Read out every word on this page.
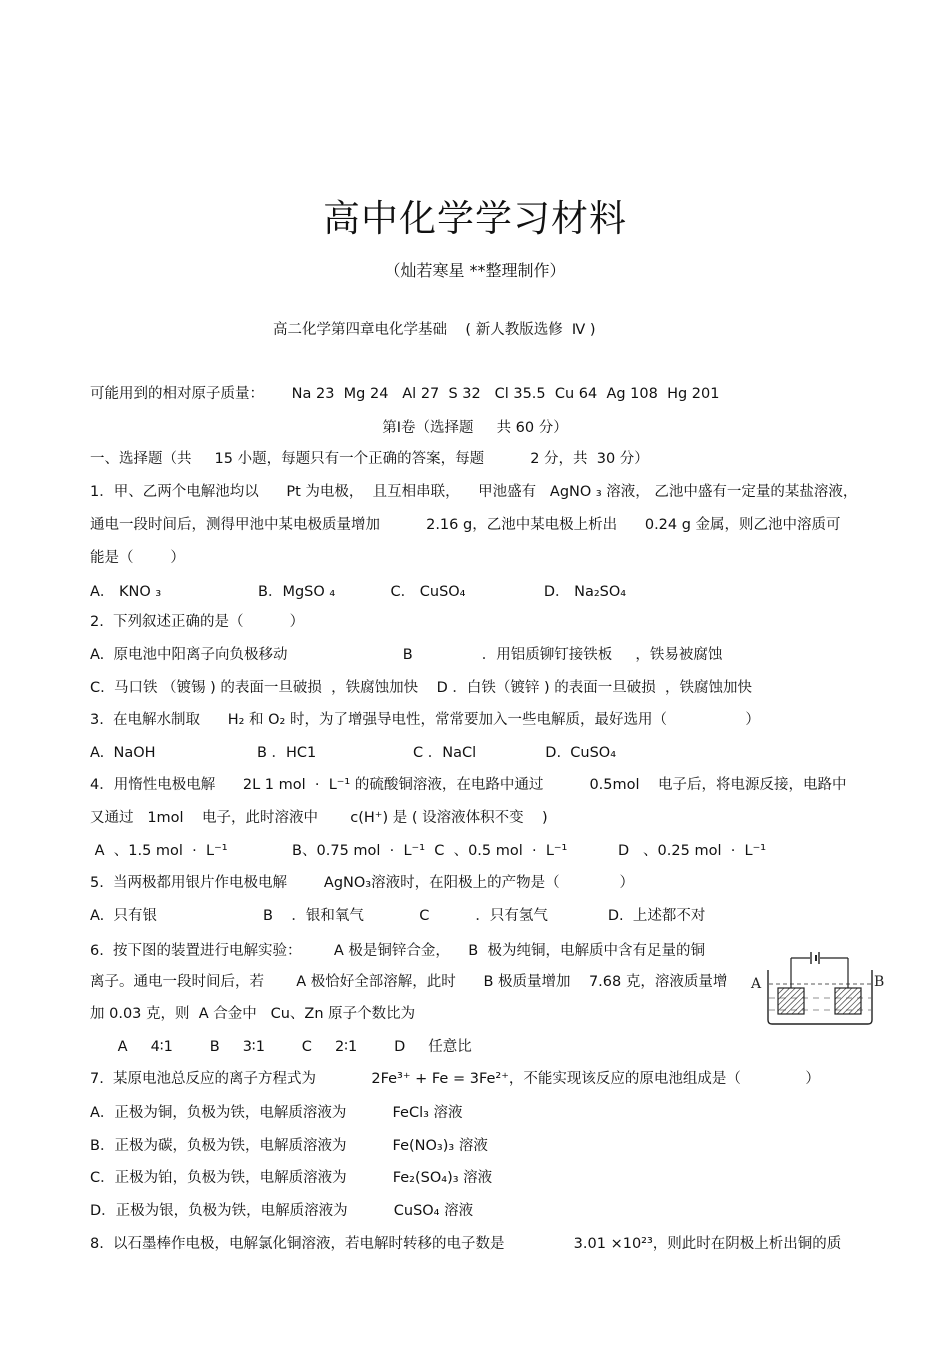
高中化学学习材料
（灿若寒星 **整理制作）
高二化学第四章电化学基础    ( 新人教版选修  Ⅳ )
可能用到的相对原子质量：      Na 23  Mg 24   Al 27  S 32   Cl 35.5  Cu 64  Ag 108  Hg 201
第Ⅰ卷（选择题     共 60 分）
一、选择题（共     15 小题，每题只有一个正确的答案，每题          2 分，共  30 分）
1．甲、乙两个电解池均以      Pt 为电极，  且互相串联，    甲池盛有   AgNO ₃ 溶液， 乙池中盛有一定量的某盐溶液，
通电一段时间后，测得甲池中某电极质量增加          2.16 g，乙池中某电极上析出      0.24 g 金属，则乙池中溶质可
能是（        ）
A． KNO ₃                     B．MgSO ₄            C． CuSO₄                 D． Na₂SO₄
2.  下列叙述正确的是（          ）
A.  原电池中阳离子向负极移动                         B               ．用铝质铆钉接铁板     ，铁易被腐蚀
C.  马口铁 （镀锡 ) 的表面一旦破损  ，铁腐蚀加快    D ．白铁（镀锌 ) 的表面一旦破损  ，铁腐蚀加快
3.  在电解水制取      H₂ 和 O₂ 时，为了增强导电性，常常要加入一些电解质，最好选用（                 ）
A.  NaOH                      B ．HC1                     C ．NaCl               D.  CuSO₄
4．用惰性电极电解      2L 1 mol  ·  L⁻¹ 的硫酸铜溶液，在电路中通过          0.5mol    电子后，将电源反接，电路中
又通过   1mol    电子，此时溶液中       c(H⁺) 是 ( 设溶液体积不变    )
A  、1.5 mol  ·  L⁻¹              B、0.75 mol  ·  L⁻¹  C  、0.5 mol  ·  L⁻¹           D   、0.25 mol  ·  L⁻¹
5.  当两极都用银片作电极电解        AgNO₃溶液时，在阳极上的产物是（             ）
A.  只有银                       B    ．银和氧气            C          ．只有氢气             D.  上述都不对
6.  按下图的装置进行电解实验：       A 极是铜锌合金，    B  极为纯铜，电解质中含有足量的铜
离子。通电一段时间后，若       A 极恰好全部溶解，此时      B 极质量增加    7.68 克，溶液质量增
加 0.03 克，则  A 合金中   Cu、Zn 原子个数比为
A     4∶1        B     3∶1        C     2∶1        D     任意比
7.  某原电池总反应的离子方程式为            2Fe³⁺ + Fe = 3Fe²⁺，不能实现该反应的原电池组成是（              ）
A．正极为铜，负极为铁，电解质溶液为          FeCl₃ 溶液
B．正极为碳，负极为铁，电解质溶液为          Fe(NO₃)₃ 溶液
C．正极为铂，负极为铁，电解质溶液为          Fe₂(SO₄)₃ 溶液
D．正极为银，负极为铁，电解质溶液为          CuSO₄ 溶液
8.  以石墨棒作电极，电解氯化铜溶液，若电解时转移的电子数是               3.01 ×10²³，则此时在阴极上析出铜的质
A	B
